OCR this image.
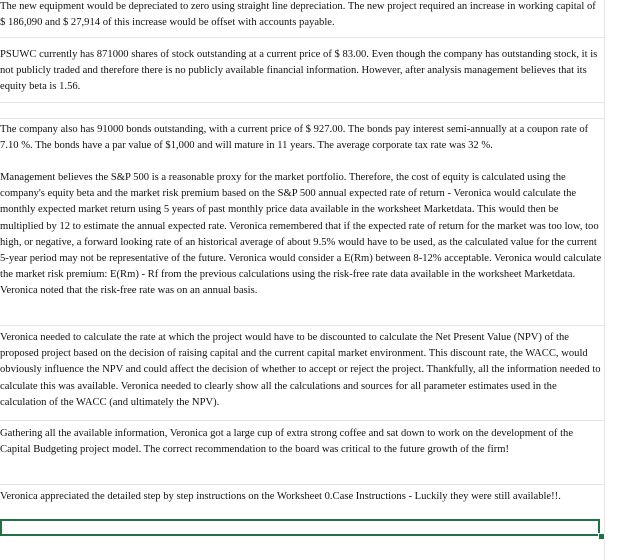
The new equipment would be depreciated to zero using straight line depreciation. The new project required an increase in working capital of $ 186,090 and $ 27,914 of this increase would be offset with accounts payable.
PSUWC currently has 871000 shares of stock outstanding at a current price of $ 83.00. Even though the company has outstanding stock, it is not publicly traded and therefore there is no publicly available financial information. However, after analysis management believes that its equity beta is 1.56.
The company also has 91000 bonds outstanding, with a current price of $ 927.00. The bonds pay interest semi-annually at a coupon rate of 7.10 %. The bonds have a par value of $1,000 and will mature in 11 years. The average corporate tax rate was 32 %.
Management believes the S&P 500 is a reasonable proxy for the market portfolio. Therefore, the cost of equity is calculated using the company's equity beta and the market risk premium based on the S&P 500 annual expected rate of return - Veronica would calculate the monthly expected market return using 5 years of past monthly price data available in the worksheet Marketdata. This would then be multiplied by 12 to estimate the annual expected rate. Veronica remembered that if the expected rate of return for the market was too low, too high, or negative, a forward looking rate of an historical average of about 9.5% would have to be used, as the calculated value for the current 5-year period may not be representative of the future. Veronica would consider a E(Rm) between 8-12% acceptable. Veronica would calculate the market risk premium: E(Rm) - Rf from the previous calculations using the risk-free rate data available in the worksheet Marketdata. Veronica noted that the risk-free rate was on an annual basis.
Veronica needed to calculate the rate at which the project would have to be discounted to calculate the Net Present Value (NPV) of the proposed project based on the decision of raising capital and the current capital market environment. This discount rate, the WACC, would obviously influence the NPV and could affect the decision of whether to accept or reject the project. Thankfully, all the information needed to calculate this was available. Veronica needed to clearly show all the calculations and sources for all parameter estimates used in the calculation of the WACC (and ultimately the NPV).
Gathering all the available information, Veronica got a large cup of extra strong coffee and sat down to work on the development of the Capital Budgeting project model. The correct recommendation to the board was critical to the future growth of the firm!
Veronica appreciated the detailed step by step instructions on the Worksheet 0.Case Instructions - Luckily they were still available!!.
